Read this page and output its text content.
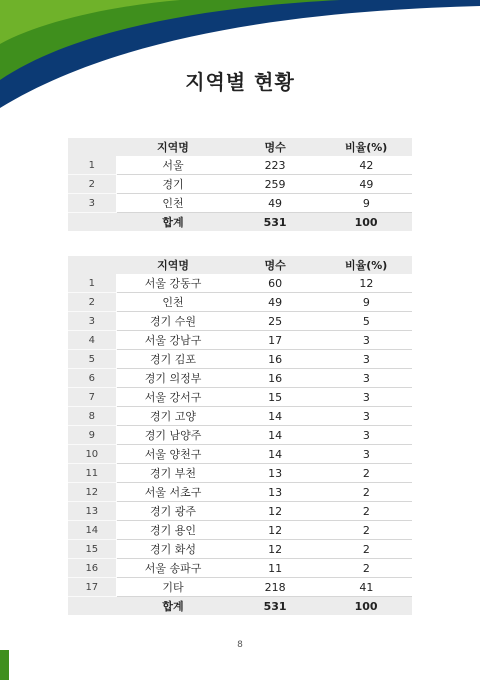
지역별 현황
	지역명	명수	비율(%)
1	서울	223	42
2	경기	259	49
3	인천	49	9
	합계	531	100
	지역명	명수	비율(%)
1	서울 강동구	60	12
2	인천	49	9
3	경기 수원	25	5
4	서울 강남구	17	3
5	경기 김포	16	3
6	경기 의정부	16	3
7	서울 강서구	15	3
8	경기 고양	14	3
9	경기 남양주	14	3
10	서울 양천구	14	3
11	경기 부천	13	2
12	서울 서초구	13	2
13	경기 광주	12	2
14	경기 용인	12	2
15	경기 화성	12	2
16	서울 송파구	11	2
17	기타	218	41
	합계	531	100
8
